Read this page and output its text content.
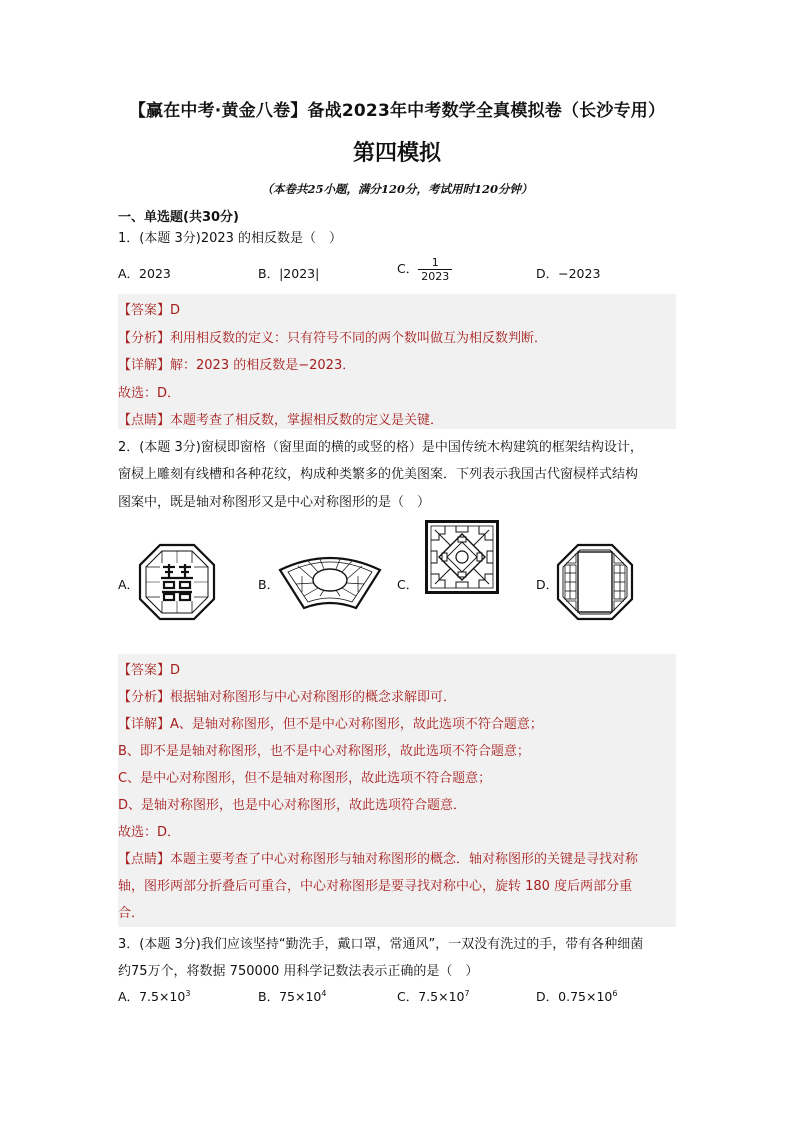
【赢在中考·黄金八卷】备战2023年中考数学全真模拟卷（长沙专用）
第四模拟
（本卷共25小题，满分120分，考试用时120分钟）
一、单选题(共30分)
1．(本题 3分)2023 的相反数是（　）
A．2023	B．|2023|	C． $\frac{1}{2023}$	D．−2023
【答案】D
【分析】利用相反数的定义：只有符号不同的两个数叫做互为相反数判断．
【详解】解：2023 的相反数是−2023．
故选：D．
【点睛】本题考查了相反数，掌握相反数的定义是关键．
2．(本题 3分)窗棂即窗格（窗里面的横的或竖的格）是中国传统木构建筑的框架结构设计，
窗棂上雕刻有线槽和各种花纹，构成种类繁多的优美图案．下列表示我国古代窗棂样式结构
图案中，既是轴对称图形又是中心对称图形的是（　）
A．	B．	C．	D．
【答案】D
【分析】根据轴对称图形与中心对称图形的概念求解即可．
【详解】A、是轴对称图形，但不是中心对称图形，故此选项不符合题意；
B、即不是是轴对称图形，也不是中心对称图形，故此选项不符合题意；
C、是中心对称图形，但不是轴对称图形，故此选项不符合题意；
D、是轴对称图形，也是中心对称图形，故此选项符合题意．
故选：D．
【点睛】本题主要考查了中心对称图形与轴对称图形的概念．轴对称图形的关键是寻找对称
轴，图形两部分折叠后可重合，中心对称图形是要寻找对称中心，旋转 180 度后两部分重
合．
3．(本题 3分)我们应该坚持“勤洗手，戴口罩，常通风”，一双没有洗过的手，带有各种细菌
约75万个，将数据 750000 用科学记数法表示正确的是（　）
A．$7.5\times 10^3$	B．$75\times 10^4$	C．$7.5\times 10^7$	D．$0.75\times 10^6$
